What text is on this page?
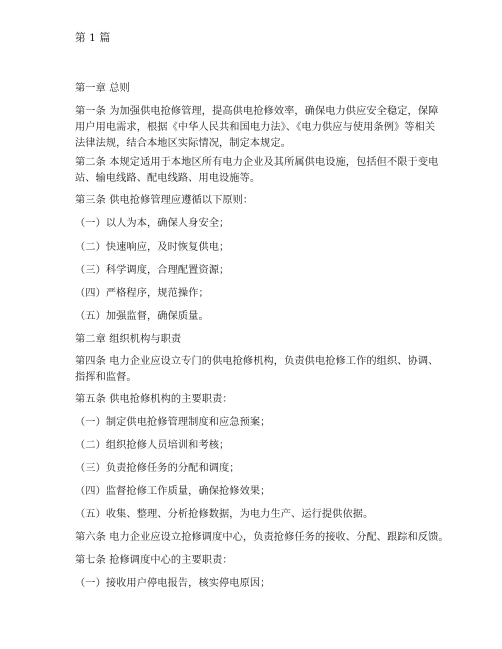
第 1 篇
第一章 总则
第一条 为加强供电抢修管理，提高供电抢修效率，确保电力供应安全稳定，保障
用户用电需求，根据《中华人民共和国电力法》、《电力供应与使用条例》等相关
法律法规，结合本地区实际情况，制定本规定。
第二条 本规定适用于本地区所有电力企业及其所属供电设施，包括但不限于变电
站、输电线路、配电线路、用电设施等。
第三条 供电抢修管理应遵循以下原则：
（一）以人为本，确保人身安全；
（二）快速响应，及时恢复供电；
（三）科学调度，合理配置资源；
（四）严格程序，规范操作；
（五）加强监督，确保质量。
第二章 组织机构与职责
第四条 电力企业应设立专门的供电抢修机构，负责供电抢修工作的组织、协调、
指挥和监督。
第五条 供电抢修机构的主要职责：
（一）制定供电抢修管理制度和应急预案；
（二）组织抢修人员培训和考核；
（三）负责抢修任务的分配和调度；
（四）监督抢修工作质量，确保抢修效果；
（五）收集、整理、分析抢修数据，为电力生产、运行提供依据。
第六条 电力企业应设立抢修调度中心，负责抢修任务的接收、分配、跟踪和反馈。
第七条 抢修调度中心的主要职责：
（一）接收用户停电报告，核实停电原因；
